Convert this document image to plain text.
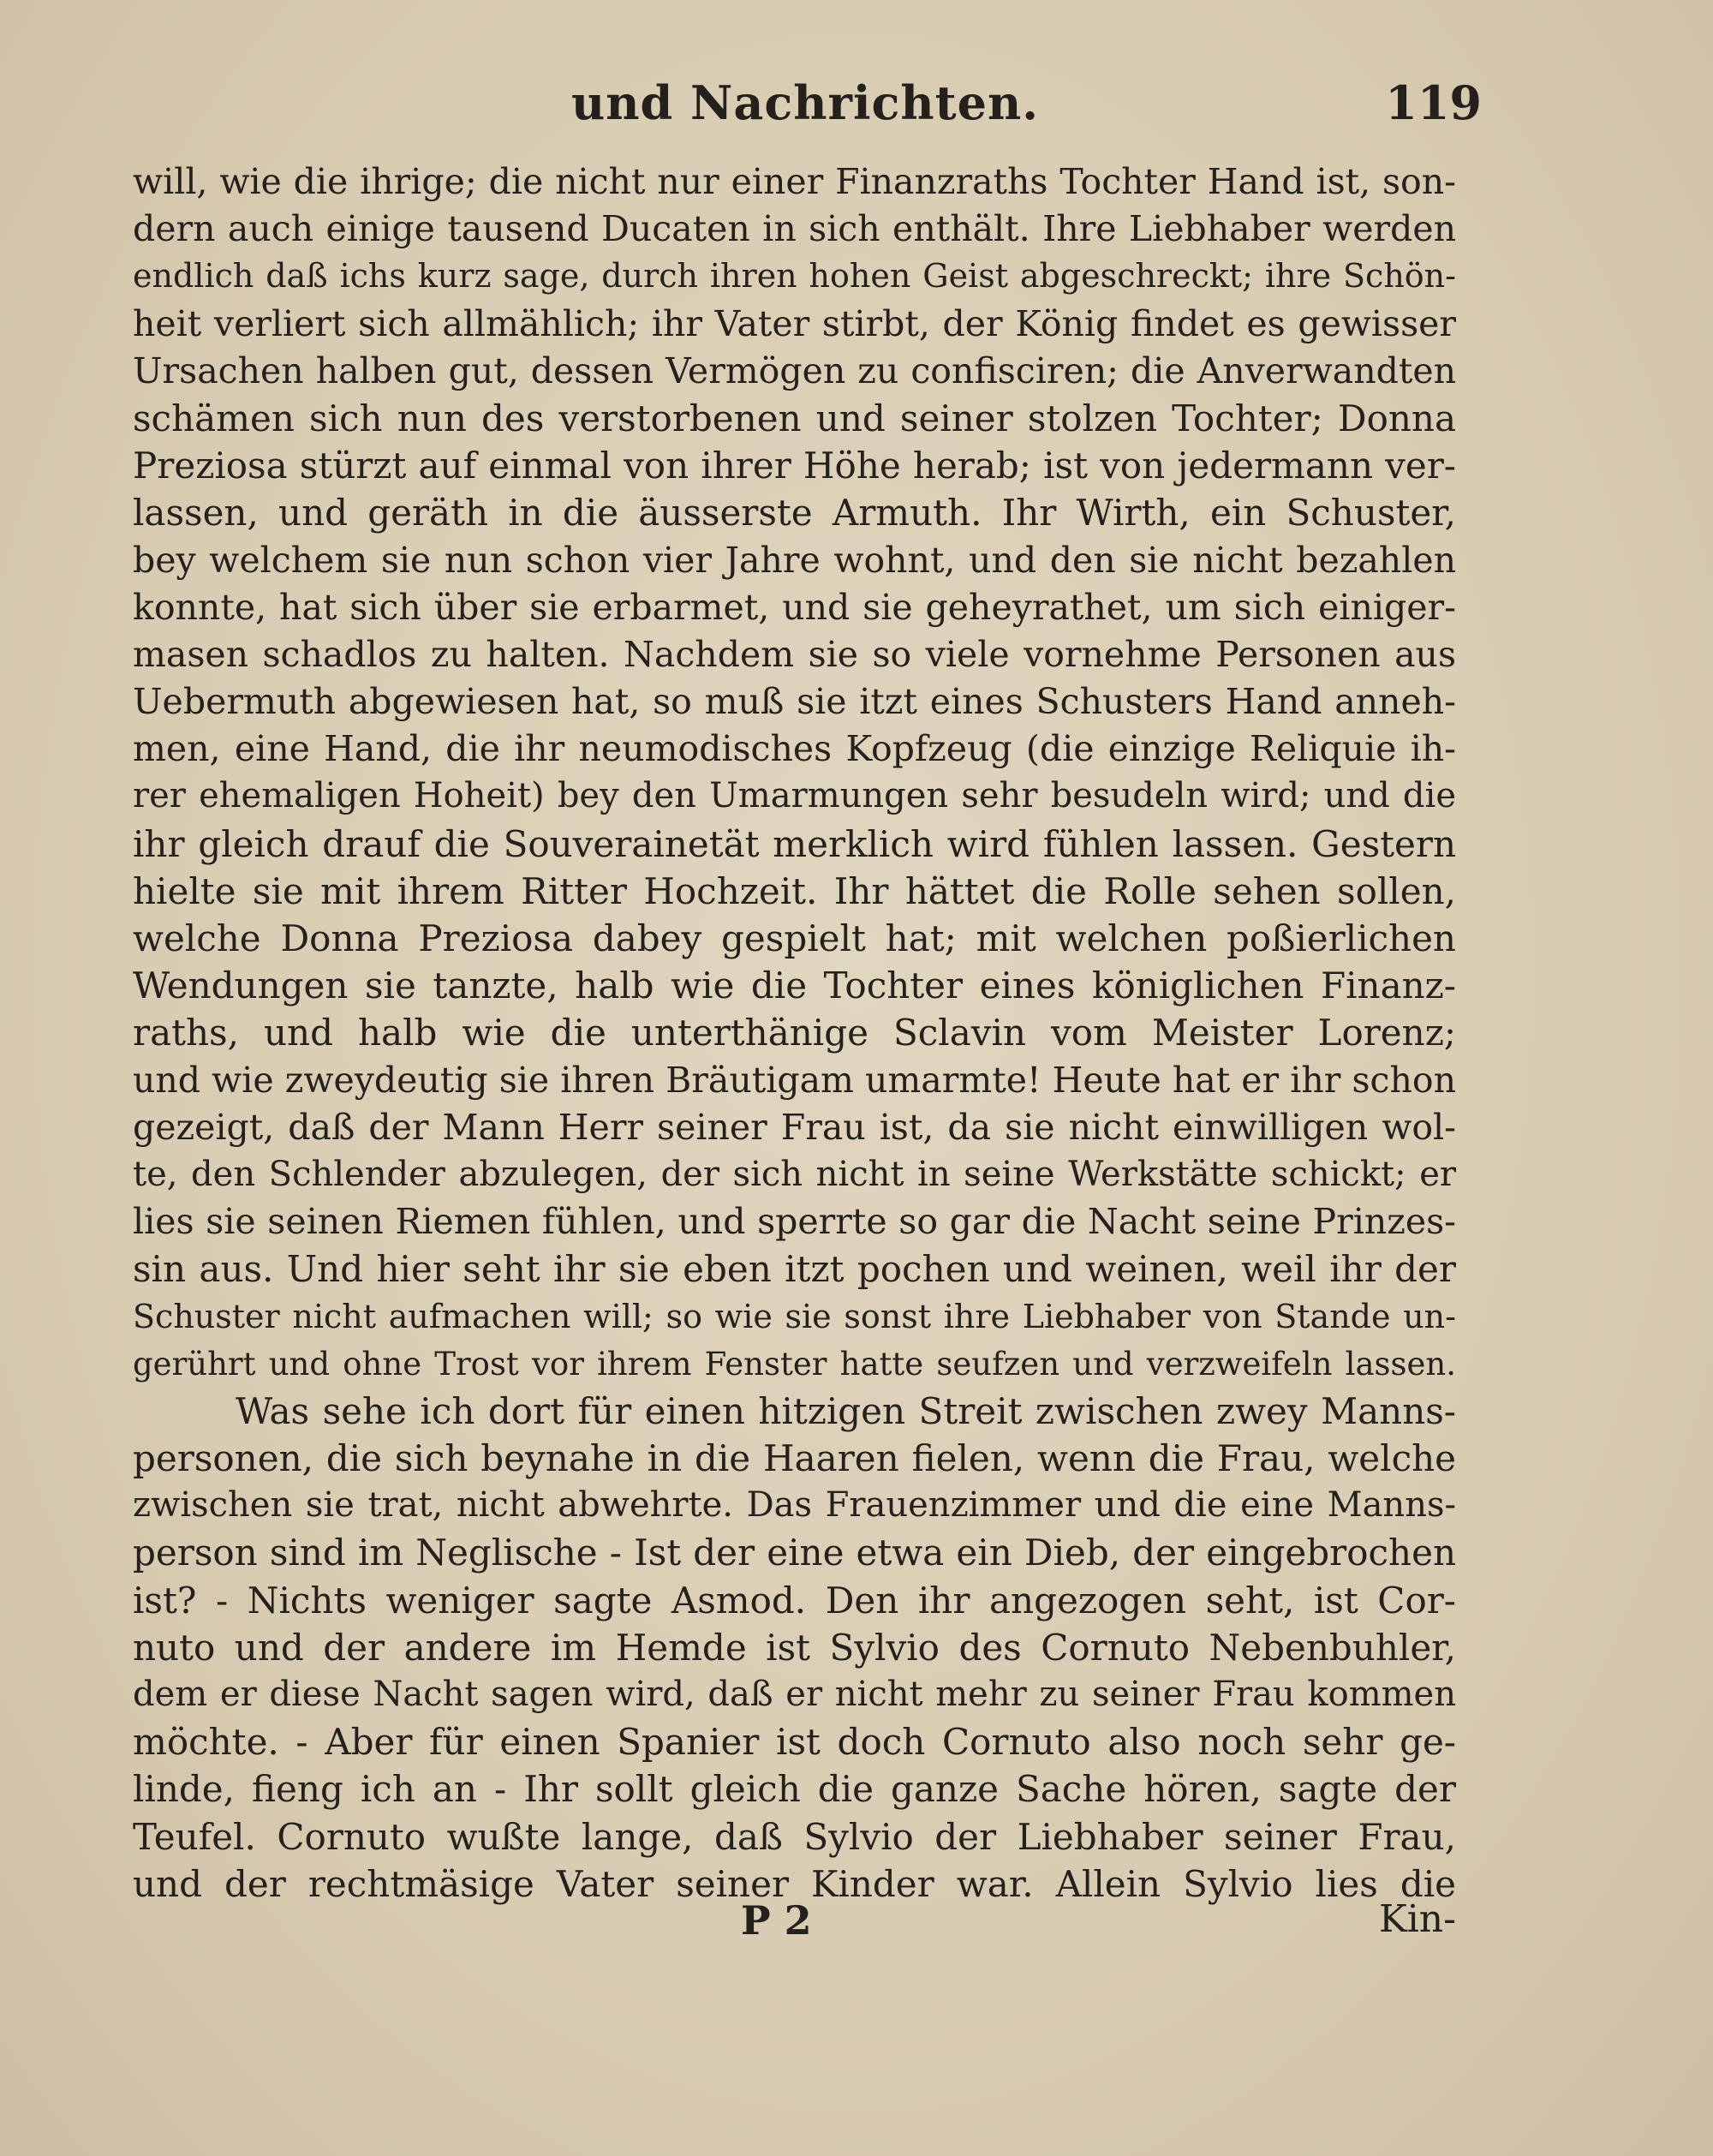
und Nachrichten.	119
will, wie die ihrige; die nicht nur einer Finanzraths Tochter Hand ist, son-
dern auch einige tausend Ducaten in sich enthält. Ihre Liebhaber werden
endlich daß ichs kurz sage, durch ihren hohen Geist abgeschreckt; ihre Schön-
heit verliert sich allmählich; ihr Vater stirbt, der König findet es gewisser
Ursachen halben gut, dessen Vermögen zu confisciren; die Anverwandten
schämen sich nun des verstorbenen und seiner stolzen Tochter; Donna
Preziosa stürzt auf einmal von ihrer Höhe herab; ist von jedermann ver-
lassen, und geräth in die äusserste Armuth. Ihr Wirth, ein Schuster,
bey welchem sie nun schon vier Jahre wohnt, und den sie nicht bezahlen
konnte, hat sich über sie erbarmet, und sie geheyrathet, um sich einiger-
masen schadlos zu halten. Nachdem sie so viele vornehme Personen aus
Uebermuth abgewiesen hat, so muß sie itzt eines Schusters Hand anneh-
men, eine Hand, die ihr neumodisches Kopfzeug (die einzige Reliquie ih-
rer ehemaligen Hoheit) bey den Umarmungen sehr besudeln wird; und die
ihr gleich drauf die Souverainetät merklich wird fühlen lassen. Gestern
hielte sie mit ihrem Ritter Hochzeit. Ihr hättet die Rolle sehen sollen,
welche Donna Preziosa dabey gespielt hat; mit welchen poßierlichen
Wendungen sie tanzte, halb wie die Tochter eines königlichen Finanz-
raths, und halb wie die unterthänige Sclavin vom Meister Lorenz;
und wie zweydeutig sie ihren Bräutigam umarmte! Heute hat er ihr schon
gezeigt, daß der Mann Herr seiner Frau ist, da sie nicht einwilligen wol-
te, den Schlender abzulegen, der sich nicht in seine Werkstätte schickt; er
lies sie seinen Riemen fühlen, und sperrte so gar die Nacht seine Prinzes-
sin aus. Und hier seht ihr sie eben itzt pochen und weinen, weil ihr der
Schuster nicht aufmachen will; so wie sie sonst ihre Liebhaber von Stande un-
gerührt und ohne Trost vor ihrem Fenster hatte seufzen und verzweifeln lassen.
Was sehe ich dort für einen hitzigen Streit zwischen zwey Manns-
personen, die sich beynahe in die Haaren fielen, wenn die Frau, welche
zwischen sie trat, nicht abwehrte. Das Frauenzimmer und die eine Manns-
person sind im Neglische - Ist der eine etwa ein Dieb, der eingebrochen
ist? - Nichts weniger sagte Asmod. Den ihr angezogen seht, ist Cor-
nuto und der andere im Hemde ist Sylvio des Cornuto Nebenbuhler,
dem er diese Nacht sagen wird, daß er nicht mehr zu seiner Frau kommen
möchte. - Aber für einen Spanier ist doch Cornuto also noch sehr ge-
linde, fieng ich an - Ihr sollt gleich die ganze Sache hören, sagte der
Teufel. Cornuto wußte lange, daß Sylvio der Liebhaber seiner Frau,
und der rechtmäsige Vater seiner Kinder war. Allein Sylvio lies die
P 2	Kin-
